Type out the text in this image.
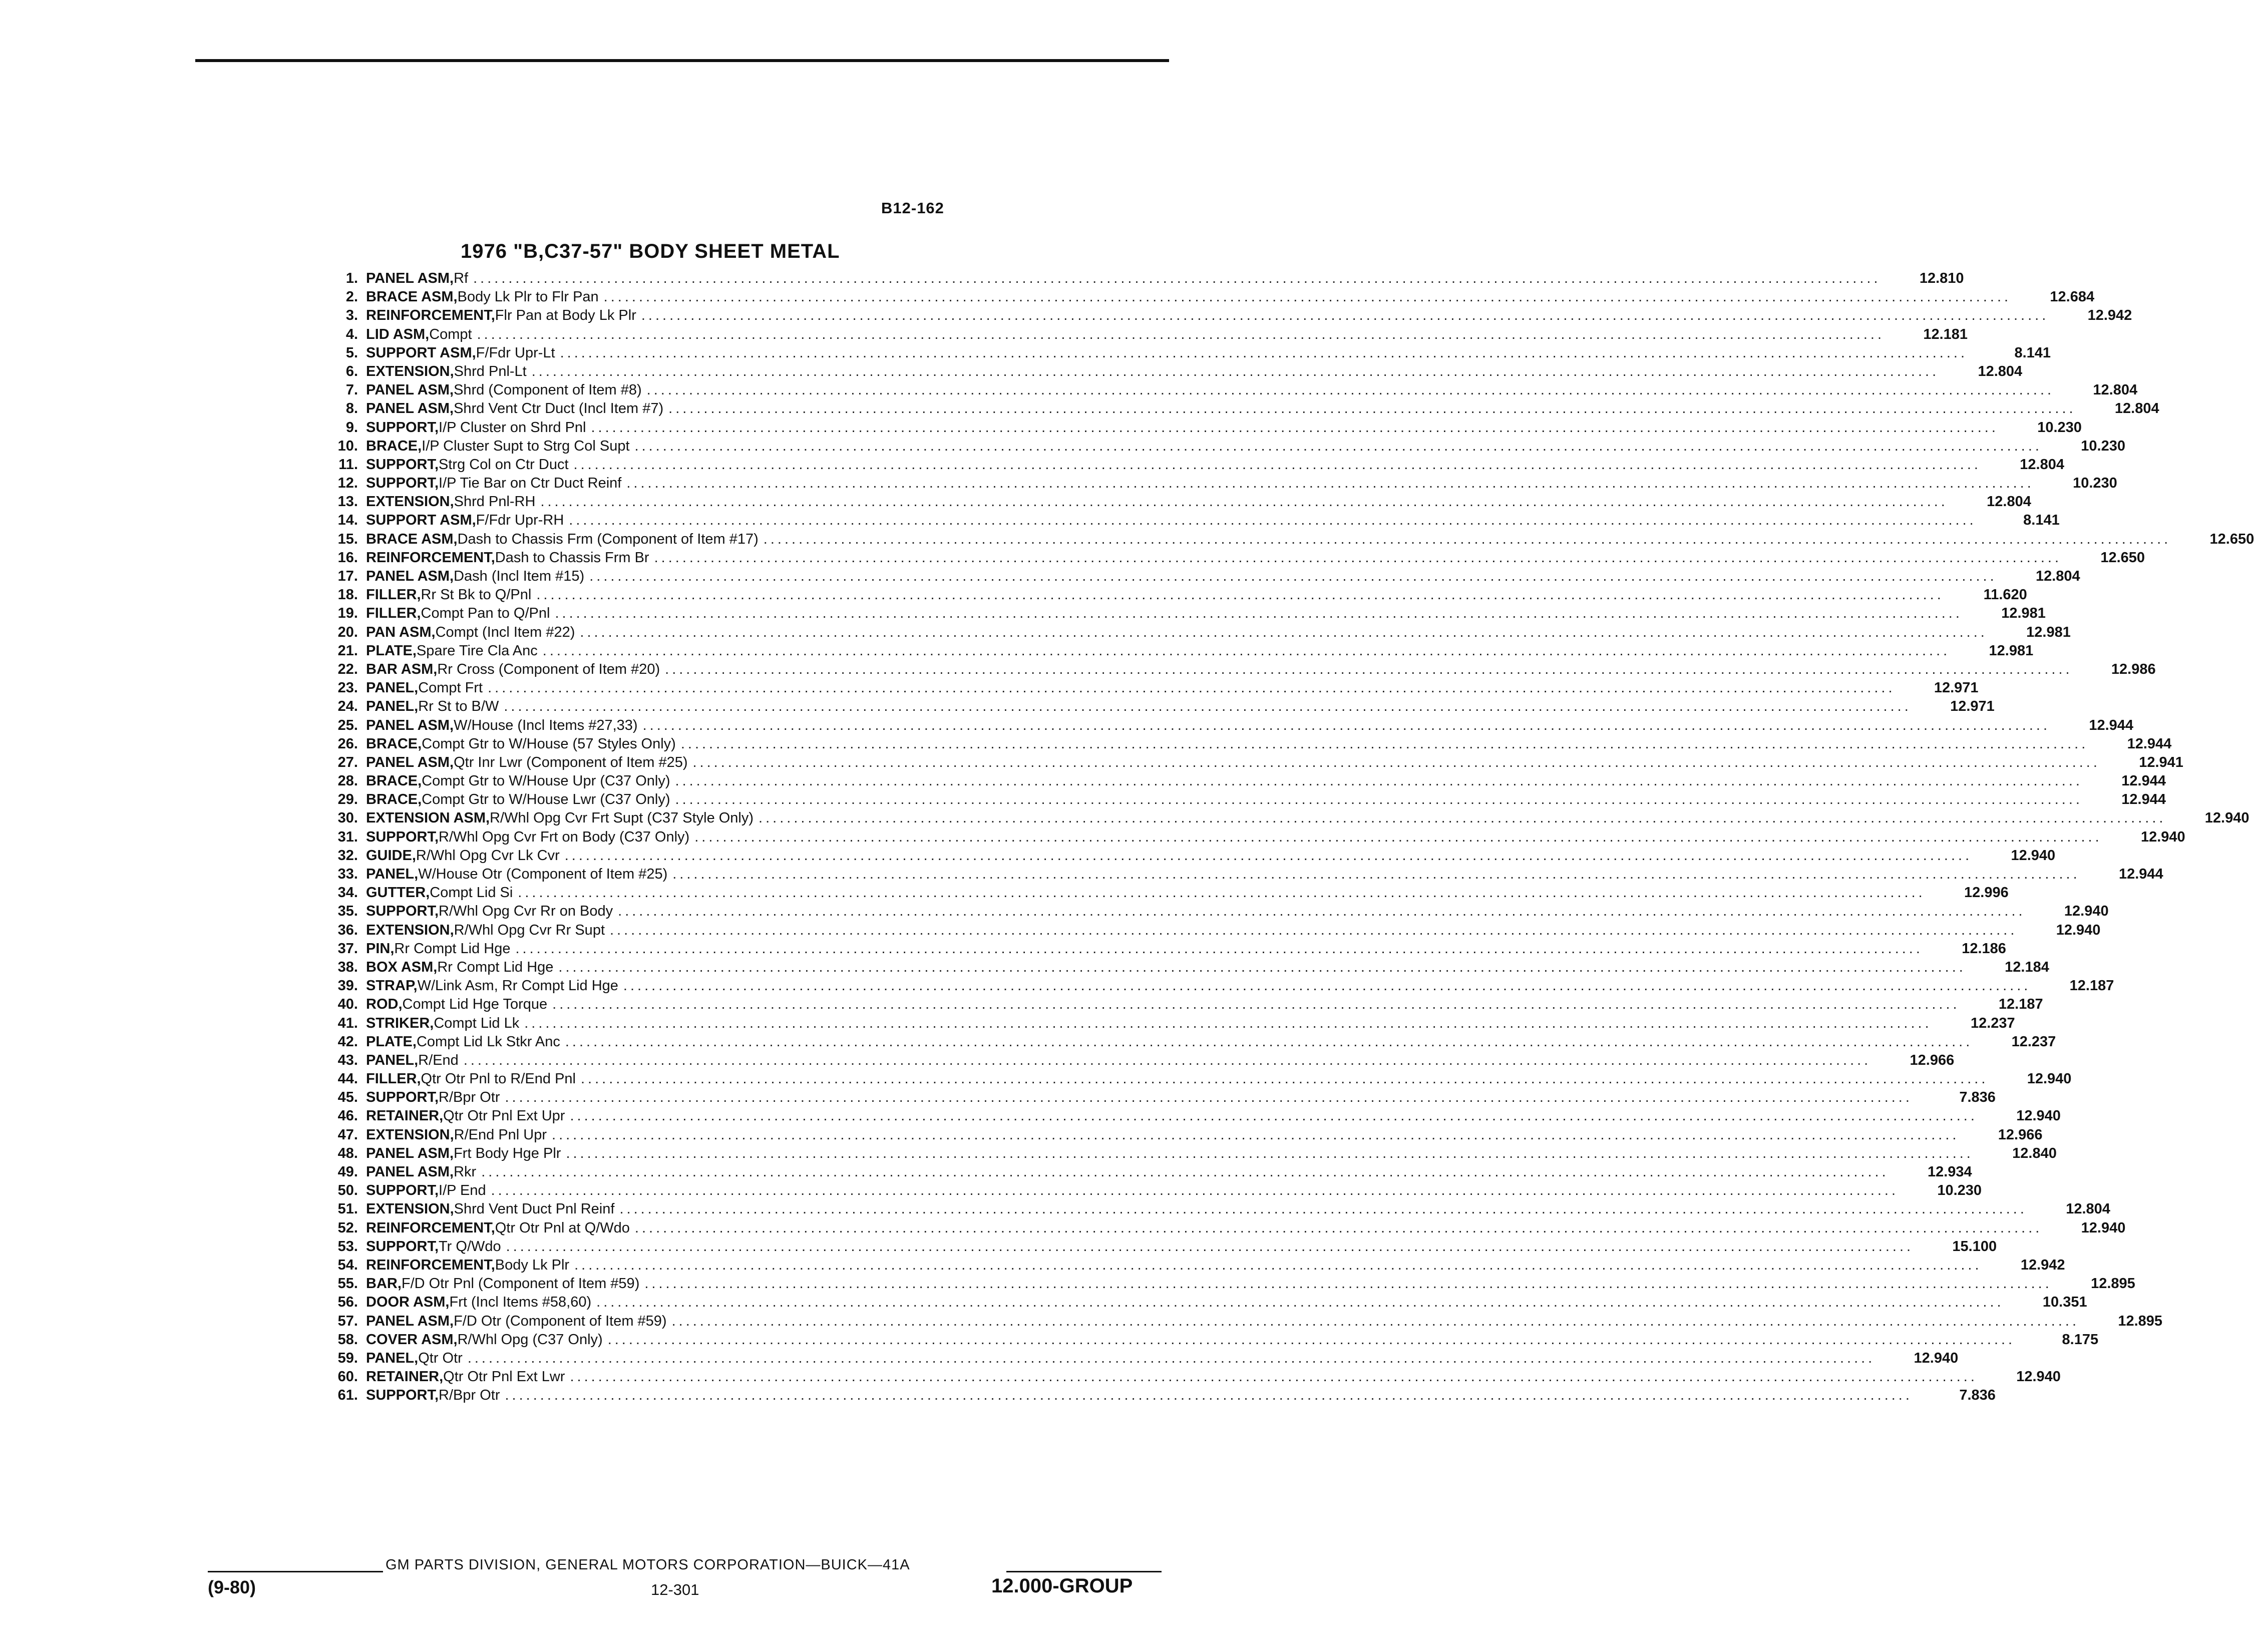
B12-162
1976 "B,C37-57" BODY SHEET METAL
1. PANEL ASM, Rf ........................................................................................................................................................................................................	12.810
2. BRACE ASM, Body Lk Plr to Flr Pan ........................................................................................................................................................................................................	12.684
3. REINFORCEMENT, Flr Pan at Body Lk Plr ........................................................................................................................................................................................................	12.942
4. LID ASM, Compt ........................................................................................................................................................................................................	12.181
5. SUPPORT ASM, F/Fdr Upr-Lt ........................................................................................................................................................................................................	8.141
6. EXTENSION, Shrd Pnl-Lt ........................................................................................................................................................................................................	12.804
7. PANEL ASM, Shrd (Component of Item #8) ........................................................................................................................................................................................................	12.804
8. PANEL ASM, Shrd Vent Ctr Duct (Incl Item #7) ........................................................................................................................................................................................................	12.804
9. SUPPORT, I/P Cluster on Shrd Pnl ........................................................................................................................................................................................................	10.230
10. BRACE, I/P Cluster Supt to Strg Col Supt ........................................................................................................................................................................................................	10.230
11. SUPPORT, Strg Col on Ctr Duct ........................................................................................................................................................................................................	12.804
12. SUPPORT, I/P Tie Bar on Ctr Duct Reinf ........................................................................................................................................................................................................	10.230
13. EXTENSION, Shrd Pnl-RH ........................................................................................................................................................................................................	12.804
14. SUPPORT ASM, F/Fdr Upr-RH ........................................................................................................................................................................................................	8.141
15. BRACE ASM, Dash to Chassis Frm (Component of Item #17) ........................................................................................................................................................................................................	12.650
16. REINFORCEMENT, Dash to Chassis Frm Br ........................................................................................................................................................................................................	12.650
17. PANEL ASM, Dash (Incl Item #15) ........................................................................................................................................................................................................	12.804
18. FILLER, Rr St Bk to Q/Pnl ........................................................................................................................................................................................................	11.620
19. FILLER, Compt Pan to Q/Pnl ........................................................................................................................................................................................................	12.981
20. PAN ASM, Compt (Incl Item #22) ........................................................................................................................................................................................................	12.981
21. PLATE, Spare Tire Cla Anc ........................................................................................................................................................................................................	12.981
22. BAR ASM, Rr Cross (Component of Item #20) ........................................................................................................................................................................................................	12.986
23. PANEL, Compt Frt ........................................................................................................................................................................................................	12.971
24. PANEL, Rr St to B/W ........................................................................................................................................................................................................	12.971
25. PANEL ASM, W/House (Incl Items #27,33) ........................................................................................................................................................................................................	12.944
26. BRACE, Compt Gtr to W/House (57 Styles Only) ........................................................................................................................................................................................................	12.944
27. PANEL ASM, Qtr Inr Lwr (Component of Item #25) ........................................................................................................................................................................................................	12.941
28. BRACE, Compt Gtr to W/House Upr (C37 Only) ........................................................................................................................................................................................................	12.944
29. BRACE, Compt Gtr to W/House Lwr (C37 Only) ........................................................................................................................................................................................................	12.944
30. EXTENSION ASM, R/Whl Opg Cvr Frt Supt (C37 Style Only) ........................................................................................................................................................................................................	12.940
31. SUPPORT, R/Whl Opg Cvr Frt on Body (C37 Only) ........................................................................................................................................................................................................	12.940
32. GUIDE, R/Whl Opg Cvr Lk Cvr ........................................................................................................................................................................................................	12.940
33. PANEL, W/House Otr (Component of Item #25) ........................................................................................................................................................................................................	12.944
34. GUTTER, Compt Lid Si ........................................................................................................................................................................................................	12.996
35. SUPPORT, R/Whl Opg Cvr Rr on Body ........................................................................................................................................................................................................	12.940
36. EXTENSION, R/Whl Opg Cvr Rr Supt ........................................................................................................................................................................................................	12.940
37. PIN, Rr Compt Lid Hge ........................................................................................................................................................................................................	12.186
38. BOX ASM, Rr Compt Lid Hge ........................................................................................................................................................................................................	12.184
39. STRAP, W/Link Asm, Rr Compt Lid Hge ........................................................................................................................................................................................................	12.187
40. ROD, Compt Lid Hge Torque ........................................................................................................................................................................................................	12.187
41. STRIKER, Compt Lid Lk ........................................................................................................................................................................................................	12.237
42. PLATE, Compt Lid Lk Stkr Anc ........................................................................................................................................................................................................	12.237
43. PANEL, R/End ........................................................................................................................................................................................................	12.966
44. FILLER, Qtr Otr Pnl to R/End Pnl ........................................................................................................................................................................................................	12.940
45. SUPPORT, R/Bpr Otr ........................................................................................................................................................................................................	7.836
46. RETAINER, Qtr Otr Pnl Ext Upr ........................................................................................................................................................................................................	12.940
47. EXTENSION, R/End Pnl Upr ........................................................................................................................................................................................................	12.966
48. PANEL ASM, Frt Body Hge Plr ........................................................................................................................................................................................................	12.840
49. PANEL ASM, Rkr ........................................................................................................................................................................................................	12.934
50. SUPPORT, I/P End ........................................................................................................................................................................................................	10.230
51. EXTENSION, Shrd Vent Duct Pnl Reinf ........................................................................................................................................................................................................	12.804
52. REINFORCEMENT, Qtr Otr Pnl at Q/Wdo ........................................................................................................................................................................................................	12.940
53. SUPPORT, Tr Q/Wdo ........................................................................................................................................................................................................	15.100
54. REINFORCEMENT, Body Lk Plr ........................................................................................................................................................................................................	12.942
55. BAR, F/D Otr Pnl (Component of Item #59) ........................................................................................................................................................................................................	12.895
56. DOOR ASM, Frt (Incl Items #58,60) ........................................................................................................................................................................................................	10.351
57. PANEL ASM, F/D Otr (Component of Item #59) ........................................................................................................................................................................................................	12.895
58. COVER ASM, R/Whl Opg (C37 Only) ........................................................................................................................................................................................................	8.175
59. PANEL, Qtr Otr ........................................................................................................................................................................................................	12.940
60. RETAINER, Qtr Otr Pnl Ext Lwr ........................................................................................................................................................................................................	12.940
61. SUPPORT, R/Bpr Otr ........................................................................................................................................................................................................	7.836
GM PARTS DIVISION, GENERAL MOTORS CORPORATION—BUICK—41A
(9-80)	12-301	12.000-GROUP
